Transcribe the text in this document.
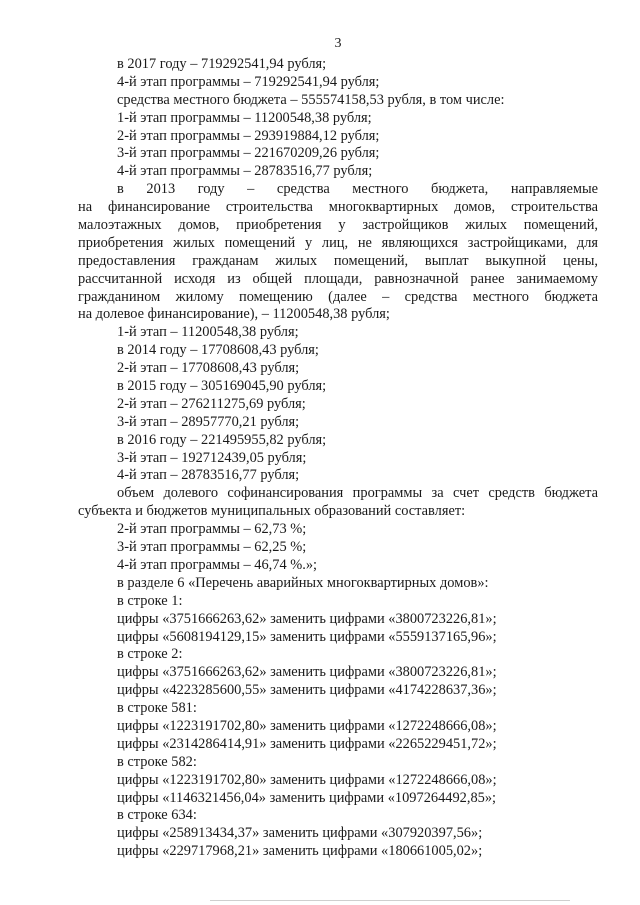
3
в 2017 году – 719292541,94 рубля;
4-й этап программы – 719292541,94 рубля;
средства местного бюджета – 555574158,53 рубля, в том числе:
1-й этап программы – 11200548,38 рубля;
2-й этап программы – 293919884,12 рубля;
3-й этап программы – 221670209,26 рубля;
4-й этап программы – 28783516,77 рубля;
в 2013 году – средства местного бюджета, направляемые
на финансирование строительства многоквартирных домов, строительства
малоэтажных домов, приобретения у застройщиков жилых помещений,
приобретения жилых помещений у лиц, не являющихся застройщиками, для
предоставления гражданам жилых помещений, выплат выкупной цены,
рассчитанной исходя из общей площади, равнозначной ранее занимаемому
гражданином жилому помещению (далее – средства местного бюджета
на долевое финансирование), – 11200548,38 рубля;
1-й этап – 11200548,38 рубля;
в 2014 году – 17708608,43 рубля;
2-й этап – 17708608,43 рубля;
в 2015 году – 305169045,90 рубля;
2-й этап – 276211275,69 рубля;
3-й этап – 28957770,21 рубля;
в 2016 году – 221495955,82 рубля;
3-й этап – 192712439,05 рубля;
4-й этап – 28783516,77 рубля;
объем долевого софинансирования программы за счет средств бюджета
субъекта и бюджетов муниципальных образований составляет:
2-й этап программы – 62,73 %;
3-й этап программы – 62,25 %;
4-й этап программы – 46,74 %.»;
в разделе 6 «Перечень аварийных многоквартирных домов»:
в строке 1:
цифры «3751666263,62» заменить цифрами «3800723226,81»;
цифры «5608194129,15» заменить цифрами «5559137165,96»;
в строке 2:
цифры «3751666263,62» заменить цифрами «3800723226,81»;
цифры «4223285600,55» заменить цифрами «4174228637,36»;
в строке 581:
цифры «1223191702,80» заменить цифрами «1272248666,08»;
цифры «2314286414,91» заменить цифрами «2265229451,72»;
в строке 582:
цифры «1223191702,80» заменить цифрами «1272248666,08»;
цифры «1146321456,04» заменить цифрами «1097264492,85»;
в строке 634:
цифры «258913434,37» заменить цифрами «307920397,56»;
цифры «229717968,21» заменить цифрами «180661005,02»;
